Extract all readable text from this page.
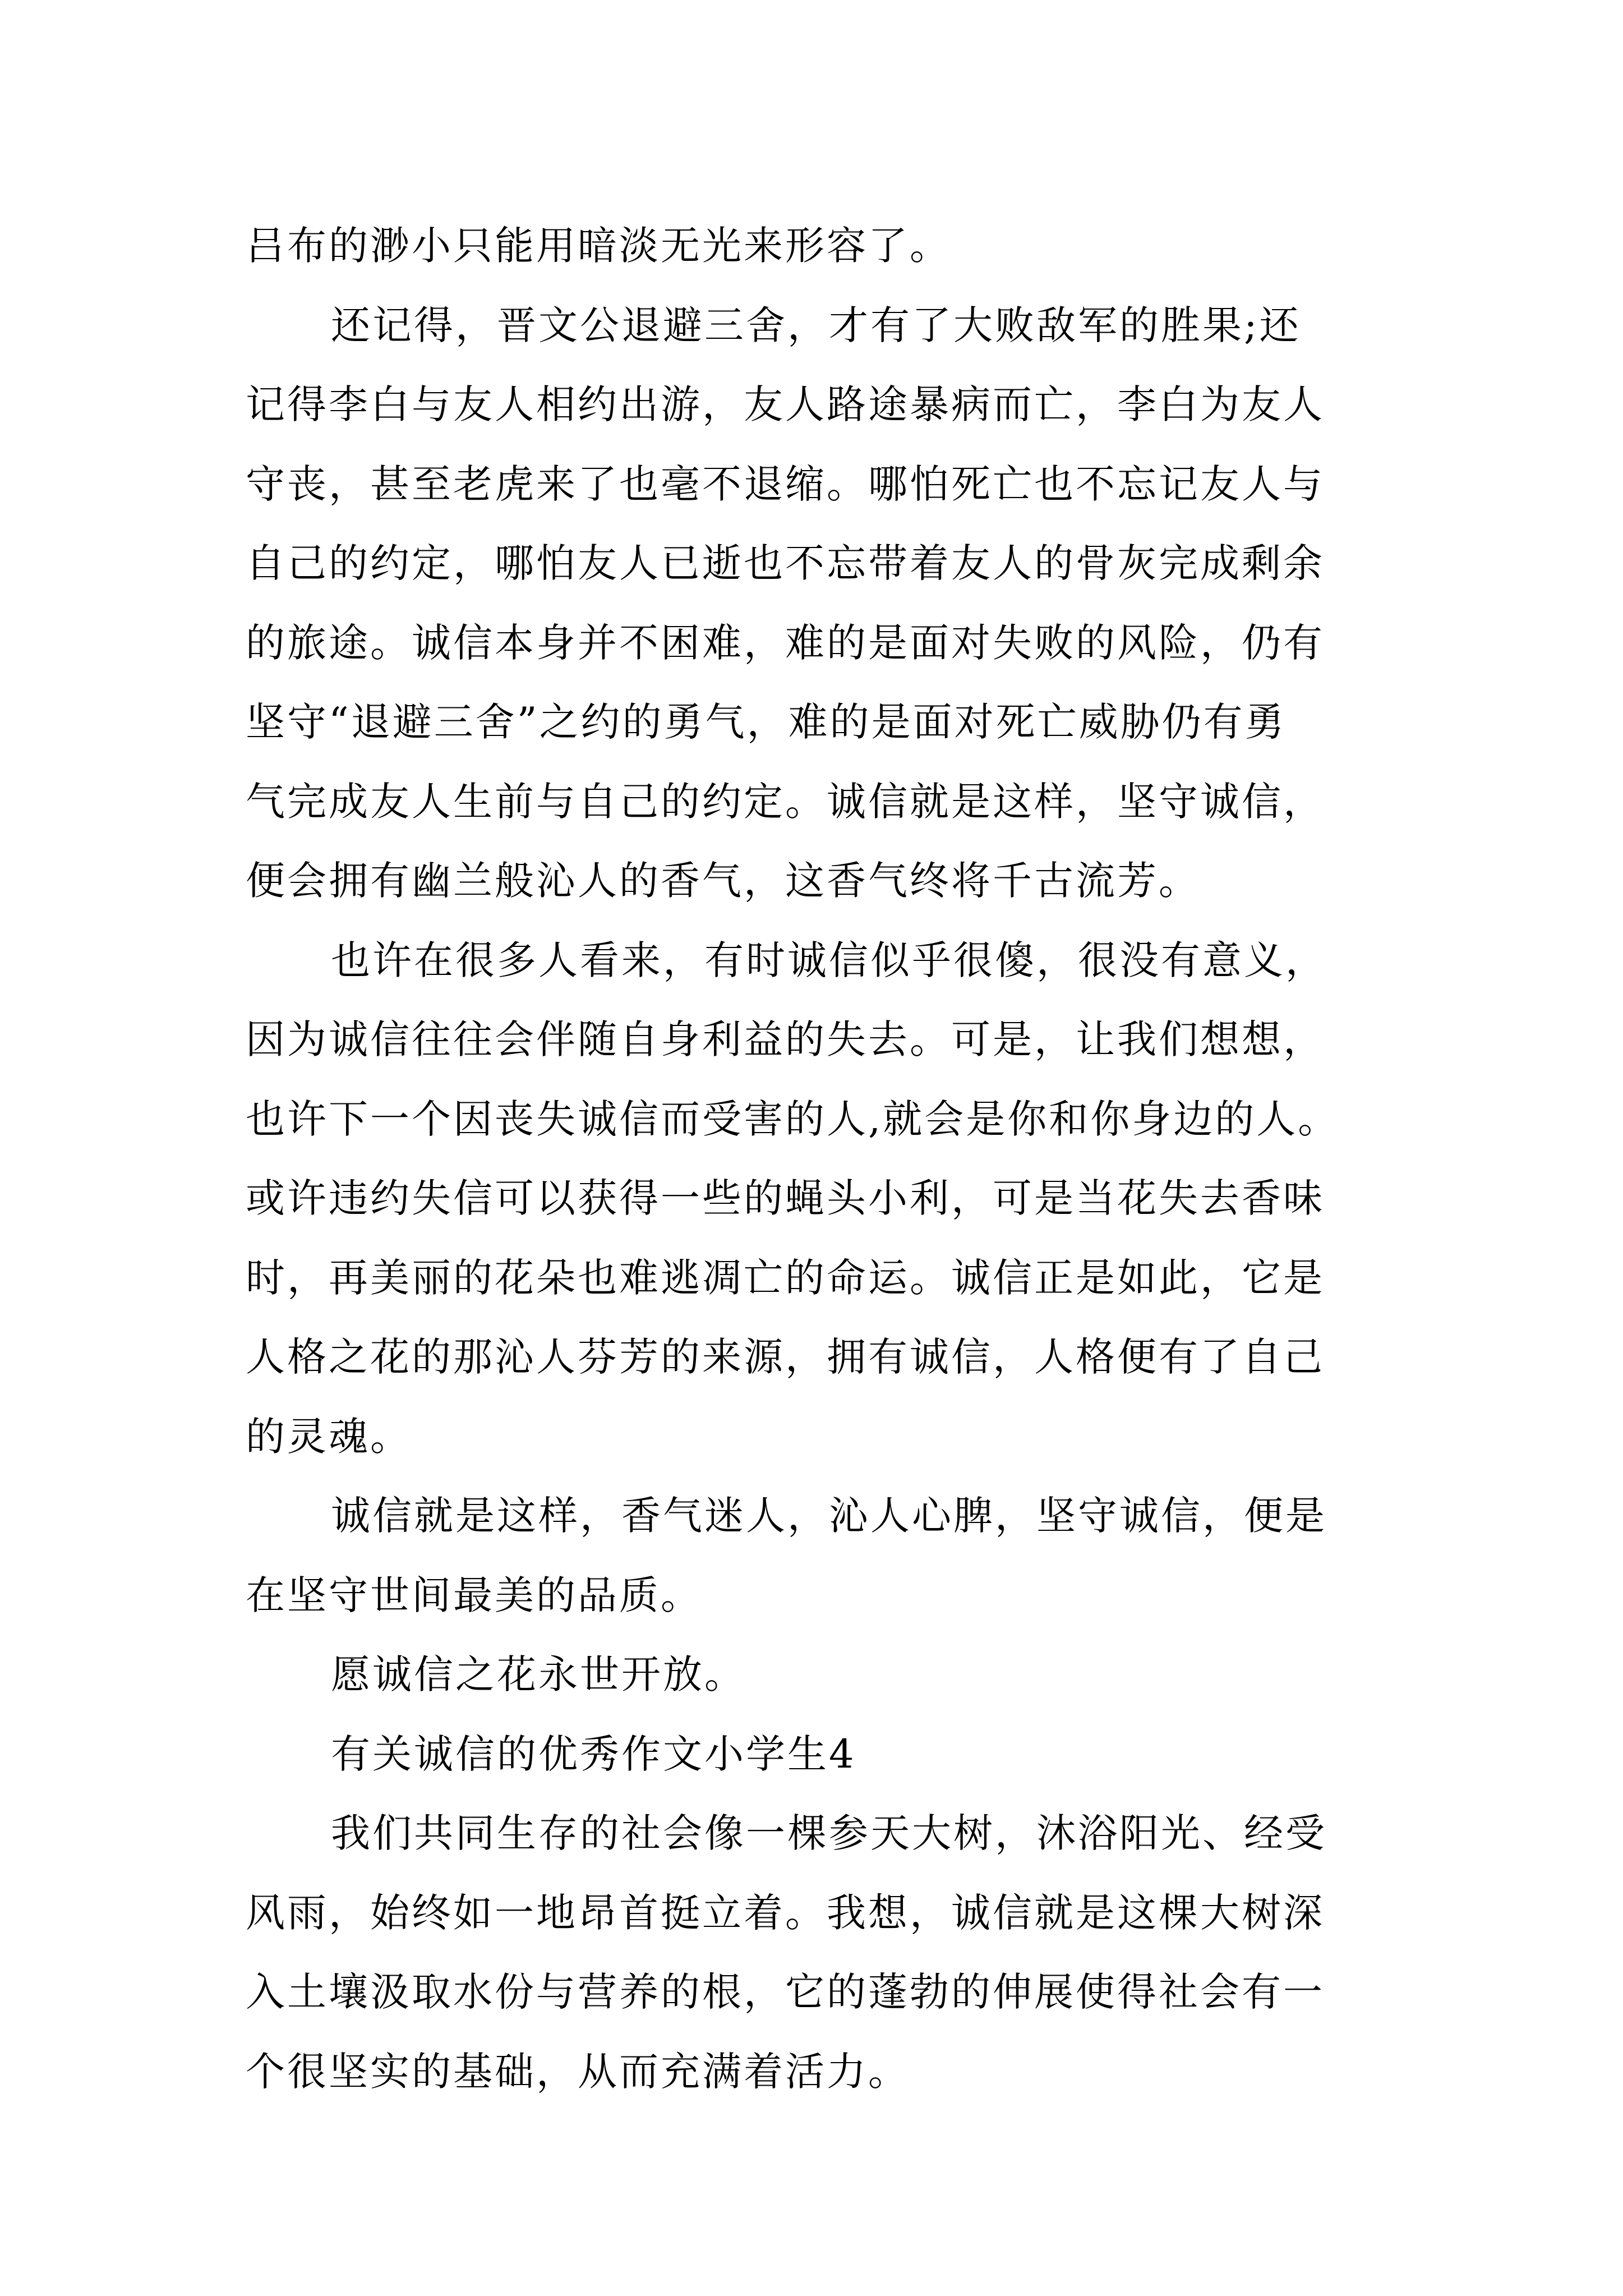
吕布的渺小只能用暗淡无光来形容了。
还记得，晋文公退避三舍，才有了大败敌军的胜果;还
记得李白与友人相约出游，友人路途暴病而亡，李白为友人
守丧，甚至老虎来了也毫不退缩。哪怕死亡也不忘记友人与
自己的约定，哪怕友人已逝也不忘带着友人的骨灰完成剩余
的旅途。诚信本身并不困难，难的是面对失败的风险，仍有
坚守“退避三舍”之约的勇气，难的是面对死亡威胁仍有勇
气完成友人生前与自己的约定。诚信就是这样，坚守诚信，
便会拥有幽兰般沁人的香气，这香气终将千古流芳。
也许在很多人看来，有时诚信似乎很傻，很没有意义，
因为诚信往往会伴随自身利益的失去。可是，让我们想想，
也许下一个因丧失诚信而受害的人,就会是你和你身边的人。
或许违约失信可以获得一些的蝇头小利，可是当花失去香味
时，再美丽的花朵也难逃凋亡的命运。诚信正是如此，它是
人格之花的那沁人芬芳的来源，拥有诚信，人格便有了自己
的灵魂。
诚信就是这样，香气迷人，沁人心脾，坚守诚信，便是
在坚守世间最美的品质。
愿诚信之花永世开放。
有关诚信的优秀作文小学生4
我们共同生存的社会像一棵参天大树，沐浴阳光、经受
风雨，始终如一地昂首挺立着。我想，诚信就是这棵大树深
入土壤汲取水份与营养的根，它的蓬勃的伸展使得社会有一
个很坚实的基础，从而充满着活力。
